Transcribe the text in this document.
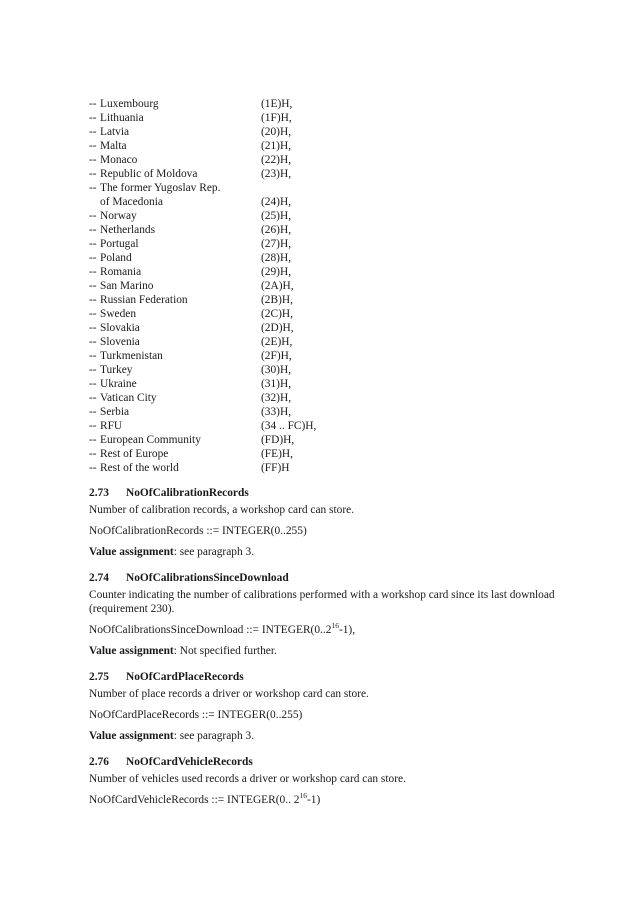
-- Luxembourg	(1E)H,
-- Lithuania	(1F)H,
-- Latvia	(20)H,
-- Malta	(21)H,
-- Monaco	(22)H,
-- Republic of Moldova	(23)H,
-- The former Yugoslav Rep.
of Macedonia	(24)H,
-- Norway	(25)H,
-- Netherlands	(26)H,
-- Portugal	(27)H,
-- Poland	(28)H,
-- Romania	(29)H,
-- San Marino	(2A)H,
-- Russian Federation	(2B)H,
-- Sweden	(2C)H,
-- Slovakia	(2D)H,
-- Slovenia	(2E)H,
-- Turkmenistan	(2F)H,
-- Turkey	(30)H,
-- Ukraine	(31)H,
-- Vatican City	(32)H,
-- Serbia	(33)H,
-- RFU	(34 .. FC)H,
-- European Community	(FD)H,
-- Rest of Europe	(FE)H,
-- Rest of the world	(FF)H
2.73 NoOfCalibrationRecords
Number of calibration records, a workshop card can store.
NoOfCalibrationRecords ::= INTEGER(0..255)
Value assignment: see paragraph 3.
2.74 NoOfCalibrationsSinceDownload
Counter indicating the number of calibrations performed with a workshop card since its last download (requirement 230).
NoOfCalibrationsSinceDownload ::= $INTEGER(0..2^{16}-1)$,
Value assignment: Not specified further.
2.75 NoOfCardPlaceRecords
Number of place records a driver or workshop card can store.
NoOfCardPlaceRecords ::= INTEGER(0..255)
Value assignment: see paragraph 3.
2.76 NoOfCardVehicleRecords
Number of vehicles used records a driver or workshop card can store.
NoOfCardVehicleRecords ::= INTEGER(0.. $2^{16}-1$)
